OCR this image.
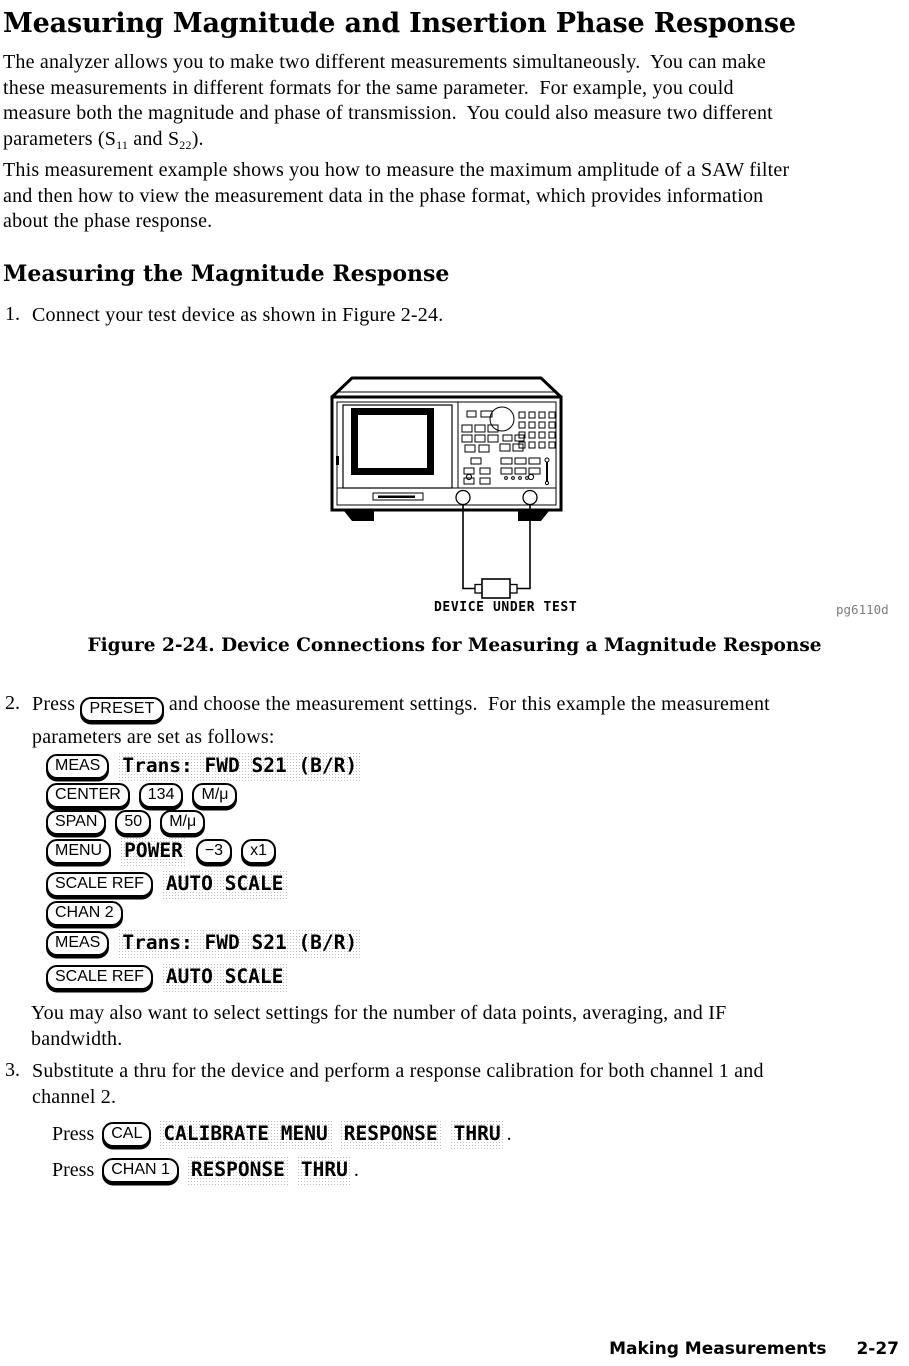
Measuring Magnitude and Insertion Phase Response
The analyzer allows you to make two different measurements simultaneously.  You can make
these measurements in different formats for the same parameter.  For example, you could
measure both the magnitude and phase of transmission.  You could also measure two different
parameters ($S_{11}$ and $S_{22}$).
This measurement example shows you how to measure the maximum amplitude of a SAW filter
and then how to view the measurement data in the phase format, which provides information
about the phase response.
Measuring the Magnitude Response
1. Connect your test device as shown in Figure 2-24.
DEVICE UNDER TEST	pg6110d
Figure 2-24. Device Connections for Measuring a Magnitude Response
2. Press PRESET and choose the measurement settings.  For this example the measurement
parameters are set as follows:
MEAS	Trans: FWD S21 (B/R)
CENTER	134	M/μ
SPAN	50	M/μ
MENU	POWER	−3	x1
SCALE REF	AUTO SCALE
CHAN 2
MEAS	Trans: FWD S21 (B/R)
SCALE REF	AUTO SCALE
You may also want to select settings for the number of data points, averaging, and IF
bandwidth.
3. Substitute a thru for the device and perform a response calibration for both channel 1 and
channel 2.
Press	CAL	CALIBRATE MENU RESPONSE THRU .
Press	CHAN 1	RESPONSE THRU .
Making Measurements 2-27
